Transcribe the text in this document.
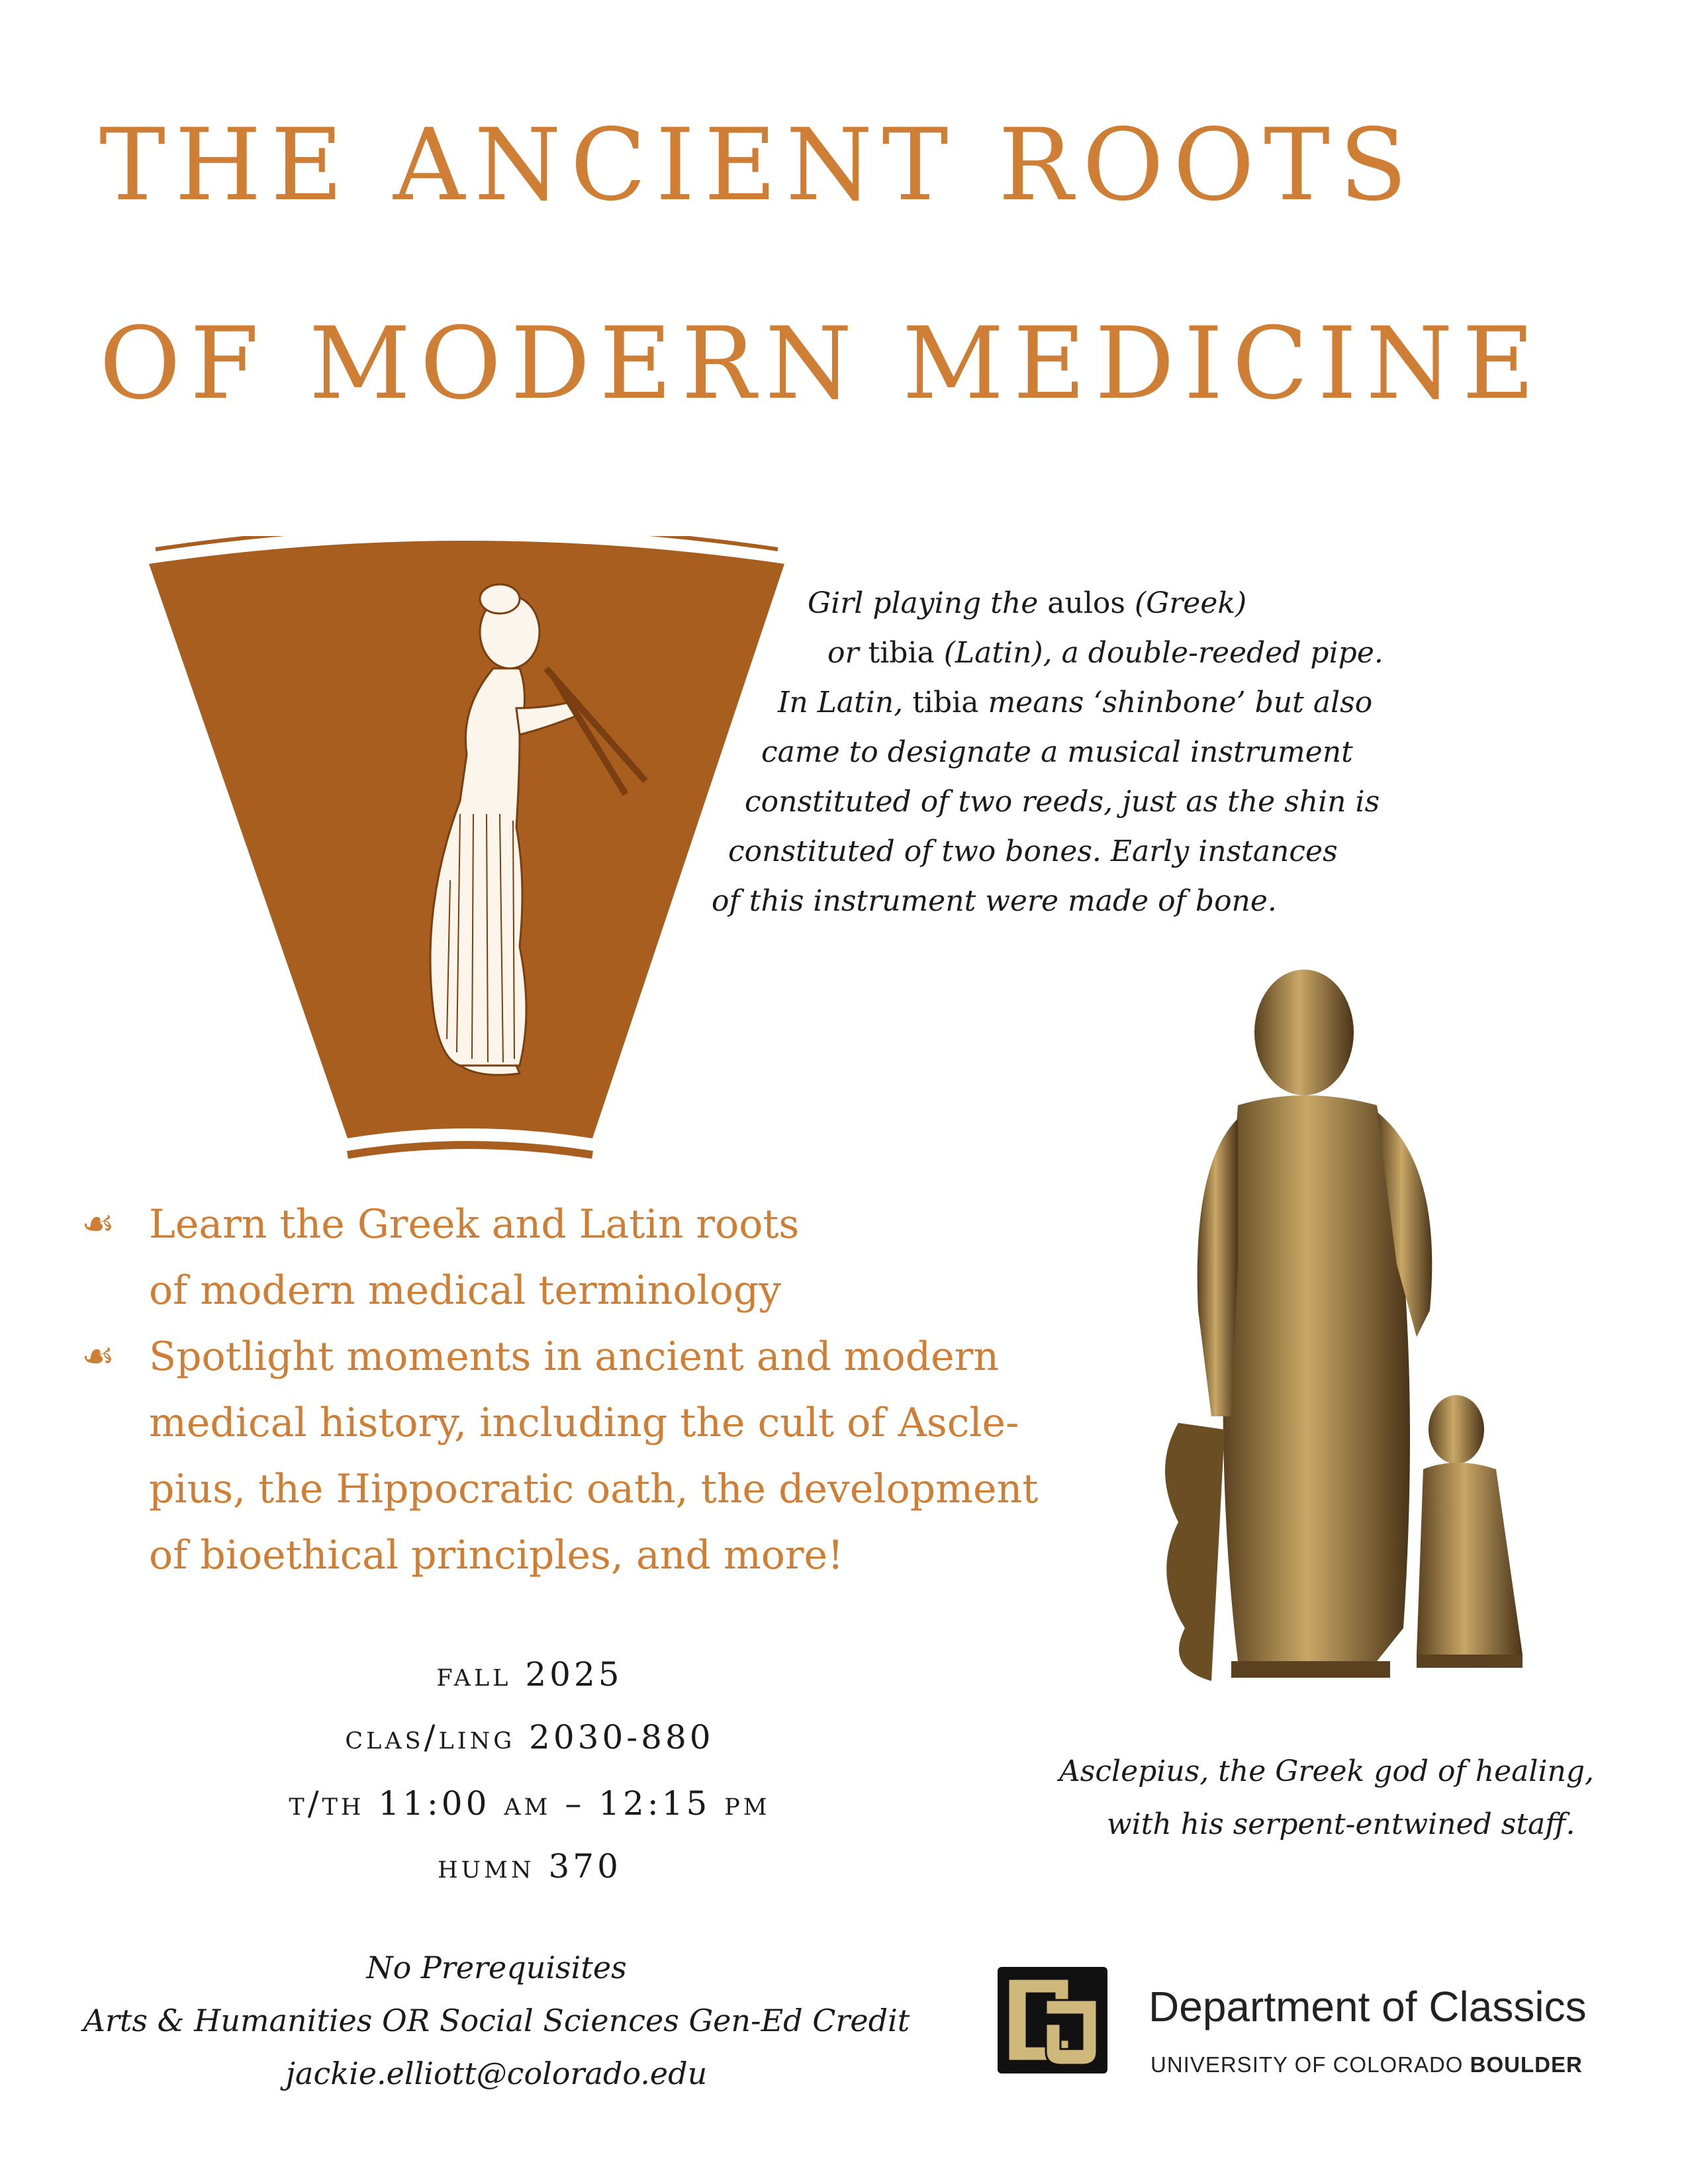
THE ANCIENT ROOTS
OF MODERN MEDICINE
Girl playing the aulos (Greek)
or tibia (Latin), a double-reeded pipe.
In Latin, tibia means ‘shinbone’ but also
came to designate a musical instrument
constituted of two reeds, just as the shin is
constituted of two bones. Early instances
of this instrument were made of bone.
☙ Learn the Greek and Latin roots
of modern medical terminology
☙ Spotlight moments in ancient and modern
medical history, including the cult of Ascle-
pius, the Hippocratic oath, the development
of bioethical principles, and more!
fall 2025
clas/ling 2030-880
t/th 11:00 am – 12:15 pm
humn 370
Asclepius, the Greek god of healing,
with his serpent-entwined staff.
No Prerequisites
Arts & Humanities OR Social Sciences Gen-Ed Credit
jackie.elliott@colorado.edu
Department of Classics
UNIVERSITY OF COLORADO BOULDER
